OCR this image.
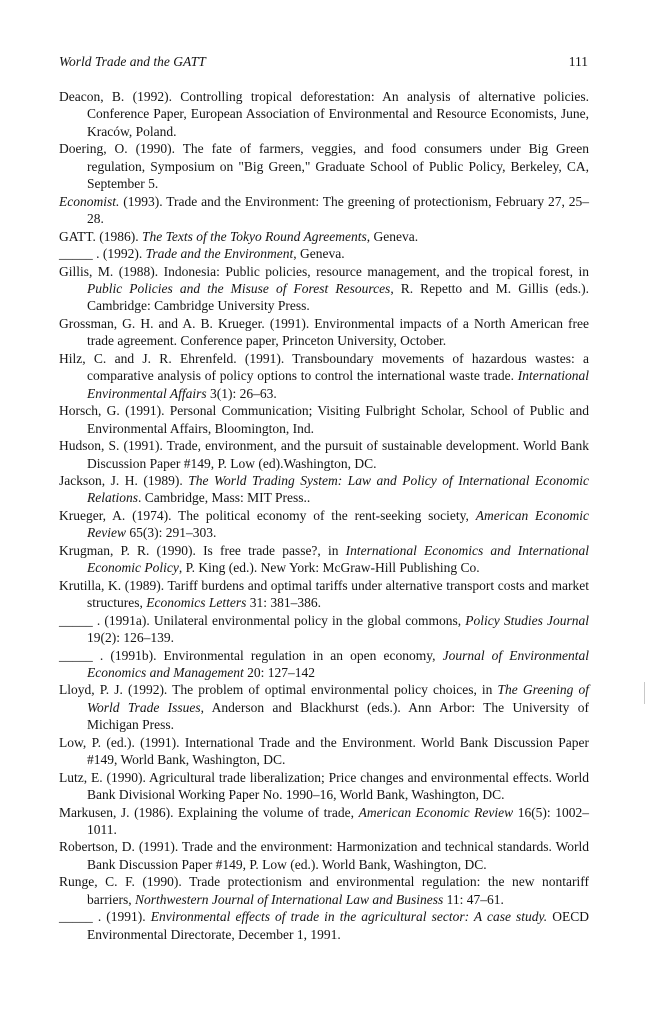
World Trade and the GATT	111

Deacon, B. (1992). Controlling tropical deforestation: An analysis of alternative policies. Conference Paper, European Association of Environmental and Resource Economists, June, Kraców, Poland.

Doering, O. (1990). The fate of farmers, veggies, and food consumers under Big Green regulation, Symposium on "Big Green," Graduate School of Public Policy, Berkeley, CA, September 5.

Economist. (1993). Trade and the Environment: The greening of protectionism, February 27, 25–28.

GATT. (1986). The Texts of the Tokyo Round Agreements, Geneva.

_____ . (1992). Trade and the Environment, Geneva.

Gillis, M. (1988). Indonesia: Public policies, resource management, and the tropical forest, in Public Policies and the Misuse of Forest Resources, R. Repetto and M. Gillis (eds.). Cambridge: Cambridge University Press.

Grossman, G. H. and A. B. Krueger. (1991). Environmental impacts of a North American free trade agreement. Conference paper, Princeton University, October.

Hilz, C. and J. R. Ehrenfeld. (1991). Transboundary movements of hazardous wastes: a comparative analysis of policy options to control the international waste trade. International Environmental Affairs 3(1): 26–63.

Horsch, G. (1991). Personal Communication; Visiting Fulbright Scholar, School of Public and Environmental Affairs, Bloomington, Ind.

Hudson, S. (1991). Trade, environment, and the pursuit of sustainable development. World Bank Discussion Paper #149, P. Low (ed).Washington, DC.

Jackson, J. H. (1989). The World Trading System: Law and Policy of International Economic Relations. Cambridge, Mass: MIT Press..

Krueger, A. (1974). The political economy of the rent-seeking society, American Economic Review 65(3): 291–303.

Krugman, P. R. (1990). Is free trade passe?, in International Economics and International Economic Policy, P. King (ed.). New York: McGraw-Hill Publishing Co.

Krutilla, K. (1989). Tariff burdens and optimal tariffs under alternative transport costs and market structures, Economics Letters 31: 381–386.

_____ . (1991a). Unilateral environmental policy in the global commons, Policy Studies Journal 19(2): 126–139.

_____ . (1991b). Environmental regulation in an open economy, Journal of Environmental Economics and Management 20: 127–142

Lloyd, P. J. (1992). The problem of optimal environmental policy choices, in The Greening of World Trade Issues, Anderson and Blackhurst (eds.). Ann Arbor: The University of Michigan Press.

Low, P. (ed.). (1991). International Trade and the Environment. World Bank Discussion Paper #149, World Bank, Washington, DC.

Lutz, E. (1990). Agricultural trade liberalization; Price changes and environmental effects. World Bank Divisional Working Paper No. 1990–16, World Bank, Washington, DC.

Markusen, J. (1986). Explaining the volume of trade, American Economic Review 16(5): 1002–1011.

Robertson, D. (1991). Trade and the environment: Harmonization and technical standards. World Bank Discussion Paper #149, P. Low (ed.). World Bank, Washington, DC.

Runge, C. F. (1990). Trade protectionism and environmental regulation: the new nontariff barriers, Northwestern Journal of International Law and Business 11: 47–61.

_____ . (1991). Environmental effects of trade in the agricultural sector: A case study. OECD Environmental Directorate, December 1, 1991.
